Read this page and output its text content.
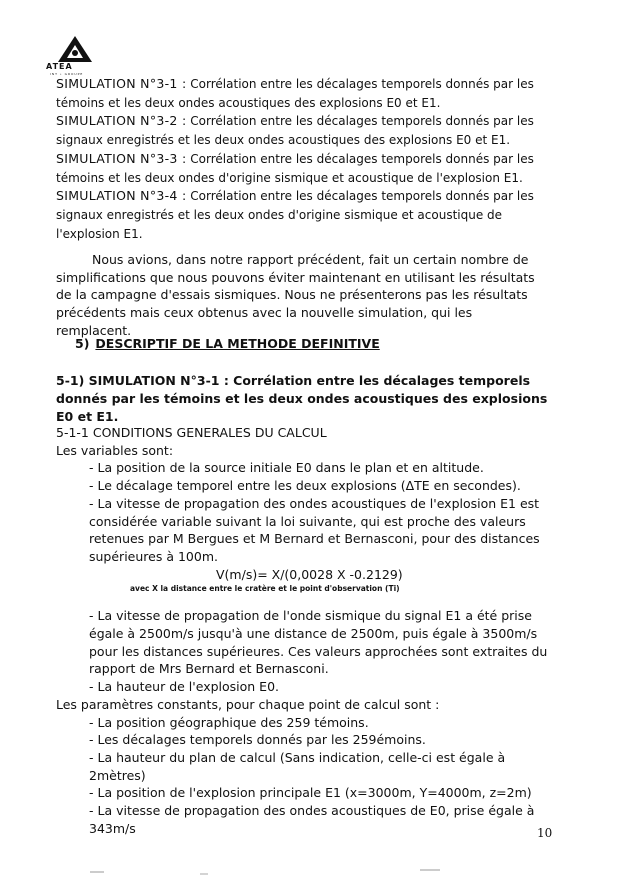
ATEA
INT • GROUPE
SIMULATION N°3-1 : Corrélation entre les décalages temporels donnés par les témoins et les deux ondes acoustiques des explosions E0 et E1.
SIMULATION N°3-2 : Corrélation entre les décalages temporels donnés par les signaux enregistrés et les deux ondes acoustiques des explosions E0 et E1.
SIMULATION N°3-3 : Corrélation entre les décalages temporels donnés par les témoins et les deux ondes d'origine sismique et acoustique de l'explosion E1.
SIMULATION N°3-4 : Corrélation entre les décalages temporels donnés par les signaux enregistrés et les deux ondes d'origine sismique et acoustique de l'explosion E1.
Nous avions, dans notre rapport précédent, fait un certain nombre de simplifications que nous pouvons éviter maintenant en utilisant les résultats de la campagne d'essais sismiques. Nous ne présenterons pas les résultats précédents mais ceux obtenus avec la nouvelle simulation, qui les remplacent.
5) DESCRIPTIF DE LA METHODE DEFINITIVE
5-1) SIMULATION N°3-1 : Corrélation entre les décalages temporels donnés par les témoins et les deux ondes acoustiques des explosions E0 et E1.
5-1-1 CONDITIONS GENERALES DU CALCUL
Les variables sont:
- La position de la source initiale E0 dans le plan et en altitude.
- Le décalage temporel entre les deux explosions (ΔTE en secondes).
- La vitesse de propagation des ondes acoustiques de l'explosion E1 est considérée variable suivant la loi suivante, qui est proche des valeurs retenues par M Bergues et M Bernard et Bernasconi, pour des distances supérieures à 100m.
V(m/s)= X/(0,0028 X -0.2129)
avec X la distance entre le cratère et le point d'observation (Ti)
- La vitesse de propagation de l'onde sismique du signal E1 a été prise égale à 2500m/s jusqu'à une distance de 2500m, puis égale à 3500m/s pour les distances supérieures. Ces valeurs approchées sont extraites du rapport de Mrs Bernard et Bernasconi.
- La hauteur de l'explosion E0.
Les paramètres constants, pour chaque point de calcul sont :
- La position géographique des 259 témoins.
- Les décalages temporels donnés par les 259émoins.
- La hauteur du plan de calcul (Sans indication, celle-ci est égale à 2mètres)
- La position de l'explosion principale E1 (x=3000m, Y=4000m, z=2m)
- La vitesse de propagation des ondes acoustiques de E0, prise égale à 343m/s	10
